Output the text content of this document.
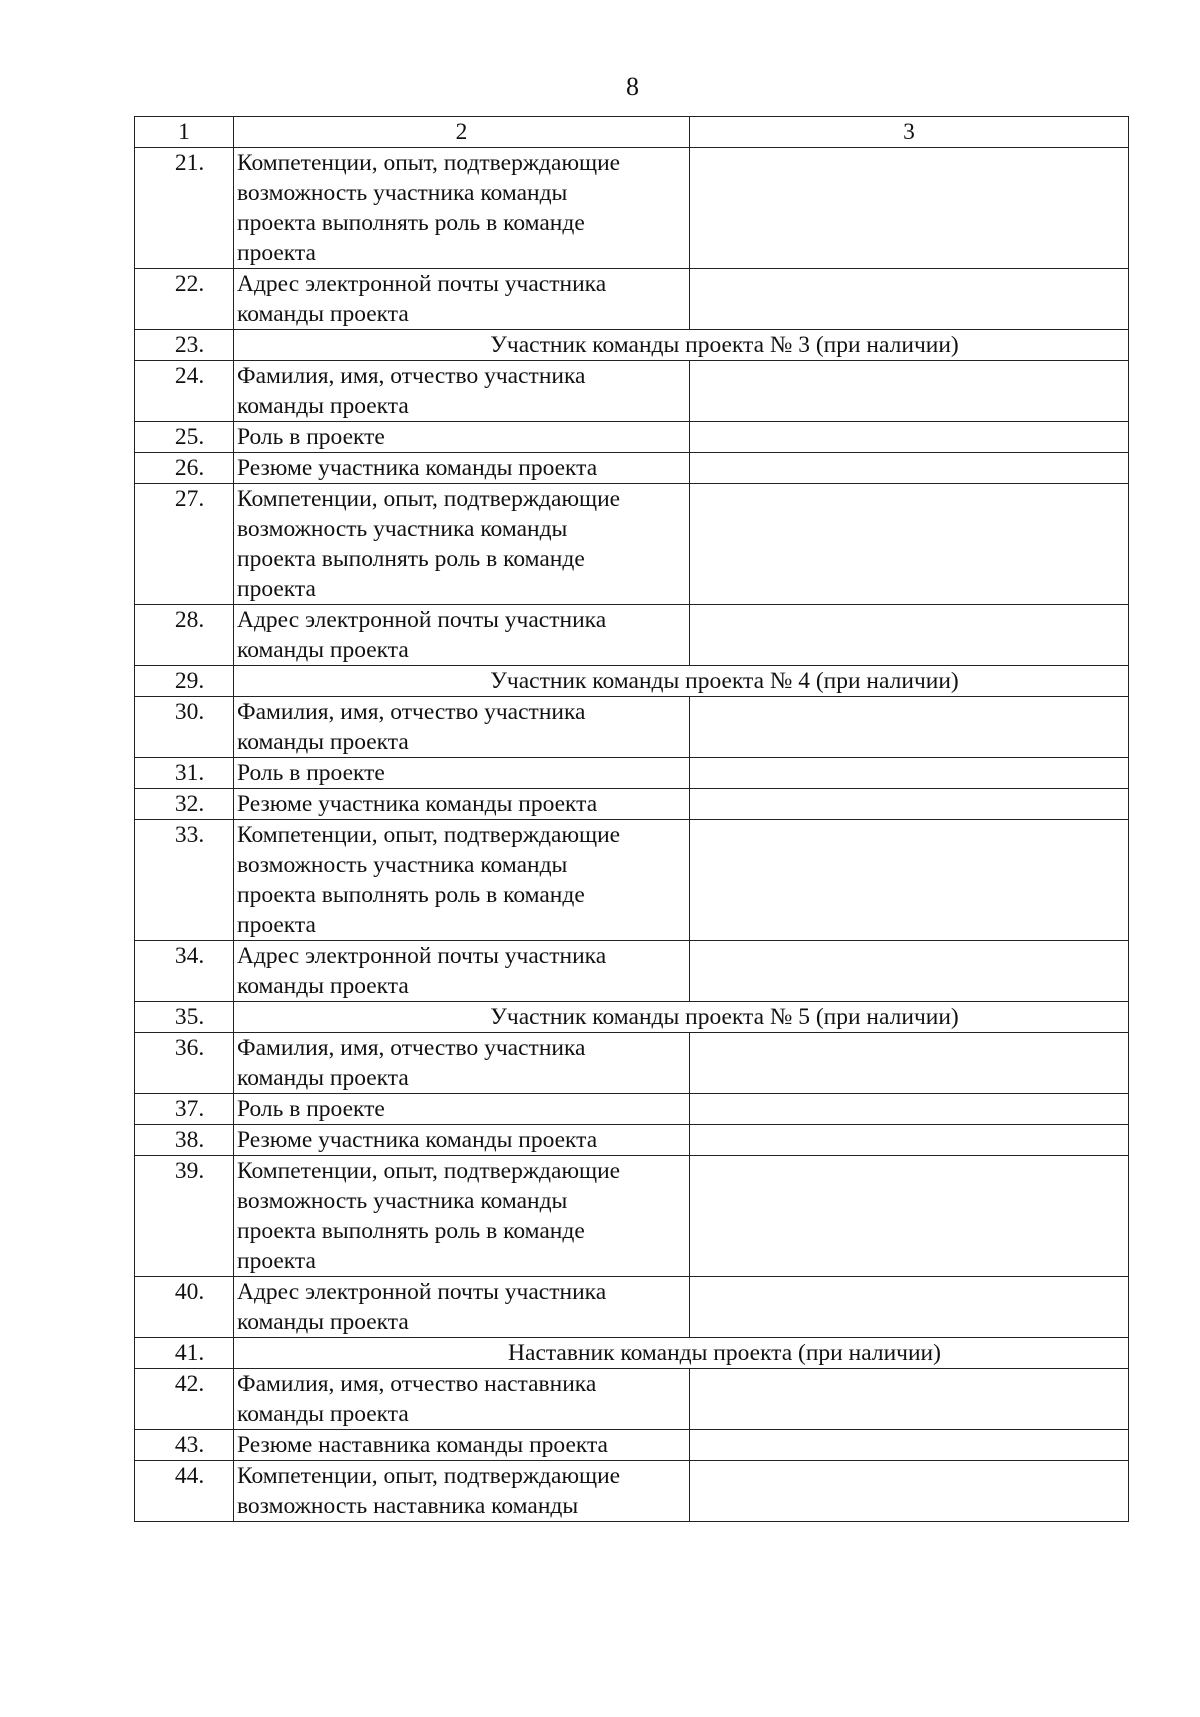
8
1	2	3
21.	Компетенции, опыт, подтверждающие
возможность участника команды
проекта выполнять роль в команде
проекта	

22.	Адрес электронной почты участника
команды проекта	

23.	Участник команды проекта № 3 (при наличии)	
24.	Фамилия, имя, отчество участника
команды проекта	

25.	Роль в проекте	

26.	Резюме участника команды проекта	

27.	Компетенции, опыт, подтверждающие
возможность участника команды
проекта выполнять роль в команде
проекта	

28.	Адрес электронной почты участника
команды проекта	

29.	Участник команды проекта № 4 (при наличии)	
30.	Фамилия, имя, отчество участника
команды проекта	

31.	Роль в проекте	

32.	Резюме участника команды проекта	

33.	Компетенции, опыт, подтверждающие
возможность участника команды
проекта выполнять роль в команде
проекта	

34.	Адрес электронной почты участника
команды проекта	

35.	Участник команды проекта № 5 (при наличии)	
36.	Фамилия, имя, отчество участника
команды проекта	

37.	Роль в проекте	

38.	Резюме участника команды проекта	

39.	Компетенции, опыт, подтверждающие
возможность участника команды
проекта выполнять роль в команде
проекта	

40.	Адрес электронной почты участника
команды проекта	

41.	Наставник команды проекта (при наличии)	
42.	Фамилия, имя, отчество наставника
команды проекта	

43.	Резюме наставника команды проекта	

44.	Компетенции, опыт, подтверждающие
возможность наставника команды	
